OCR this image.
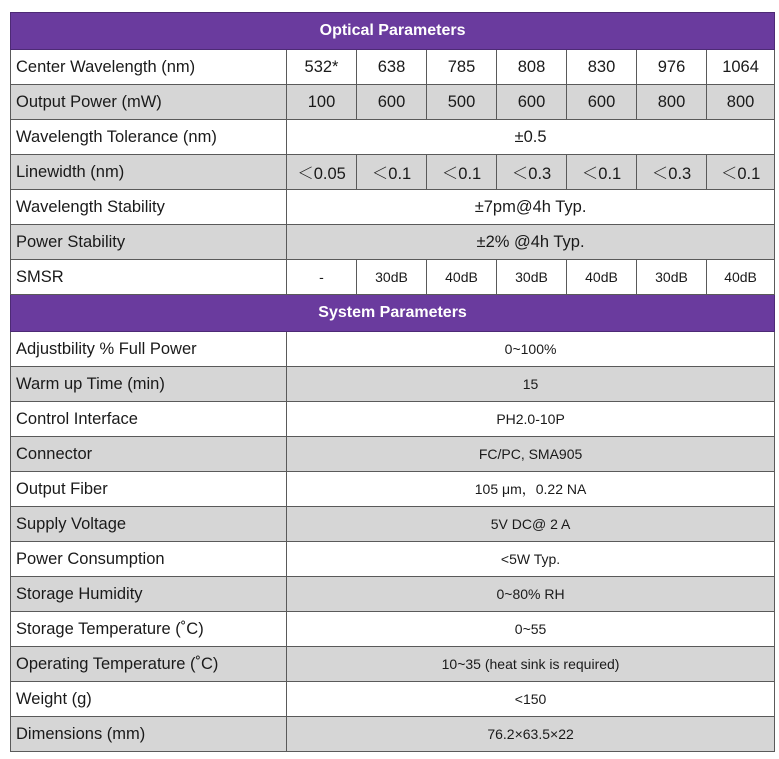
Optical Parameters							
Center Wavelength (nm)	532*	638	785	808	830	976	1064
Output Power (mW)	100	600	500	600	600	800	800
Wavelength Tolerance (nm)	±0.5						
Linewidth (nm)	＜0.05	＜0.1	＜0.1	＜0.3	＜0.1	＜0.3	＜0.1
Wavelength Stability	±7pm@4h Typ.						
Power Stability	±2% @4h Typ.						
SMSR	-	30dB	40dB	30dB	40dB	30dB	40dB
System Parameters							
Adjustbility % Full Power	0~100%						
Warm up Time (min)	15						
Control Interface	PH2.0-10P						
Connector	FC/PC, SMA905						
Output Fiber	105 μm，0.22 NA						
Supply Voltage	5V DC@ 2 A						
Power Consumption	<5W Typ.						
Storage Humidity	0~80% RH						
Storage Temperature (˚C)	0~55						
Operating Temperature (˚C)	10~35 (heat sink is required)						
Weight (g)	<150						
Dimensions (mm)	76.2×63.5×22						
